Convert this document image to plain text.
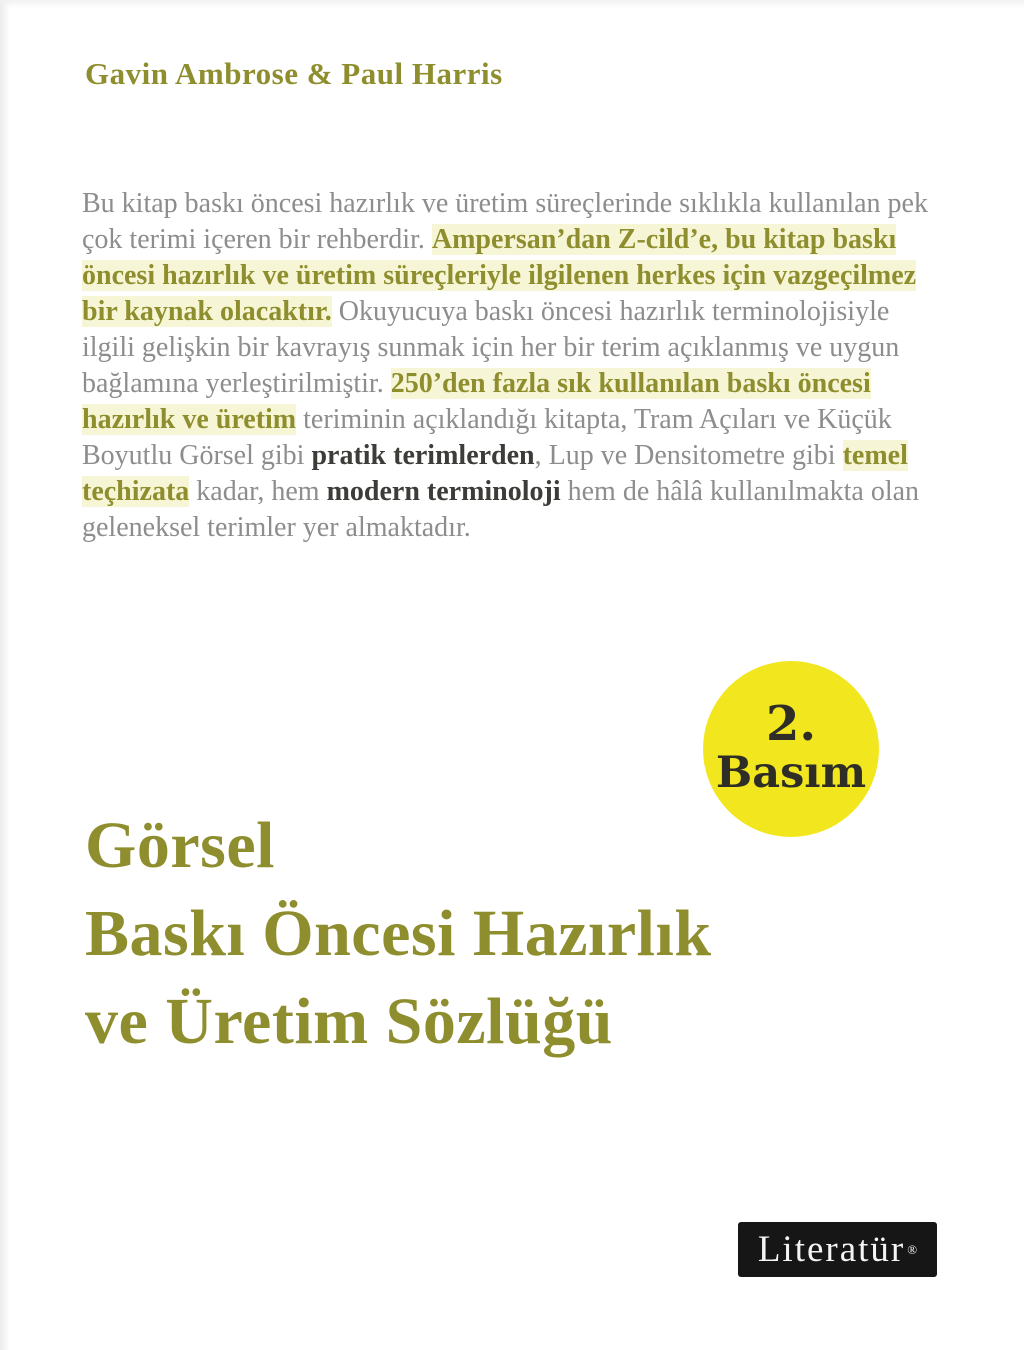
Gavin Ambrose & Paul Harris

Bu kitap baskı öncesi hazırlık ve üretim süreçlerinde sıklıkla kullanılan pek çok terimi içeren bir rehberdir. Ampersan’dan Z-cild’e, bu kitap baskı öncesi hazırlık ve üretim süreçleriyle ilgilenen herkes için vazgeçilmez bir kaynak olacaktır. Okuyucuya baskı öncesi hazırlık terminolojisiyle ilgili gelişkin bir kavrayış sunmak için her bir terim açıklanmış ve uygun bağlamına yerleştirilmiştir. 250’den fazla sık kullanılan baskı öncesi hazırlık ve üretim teriminin açıklandığı kitapta, Tram Açıları ve Küçük Boyutlu Görsel gibi pratik terimlerden, Lup ve Densitometre gibi temel teçhizata kadar, hem modern terminoloji hem de hâlâ kullanılmakta olan geleneksel terimler yer almaktadır.

2.
Basım
Görsel
Baskı Öncesi Hazırlık
ve Üretim Sözlüğü
Literatür ®
